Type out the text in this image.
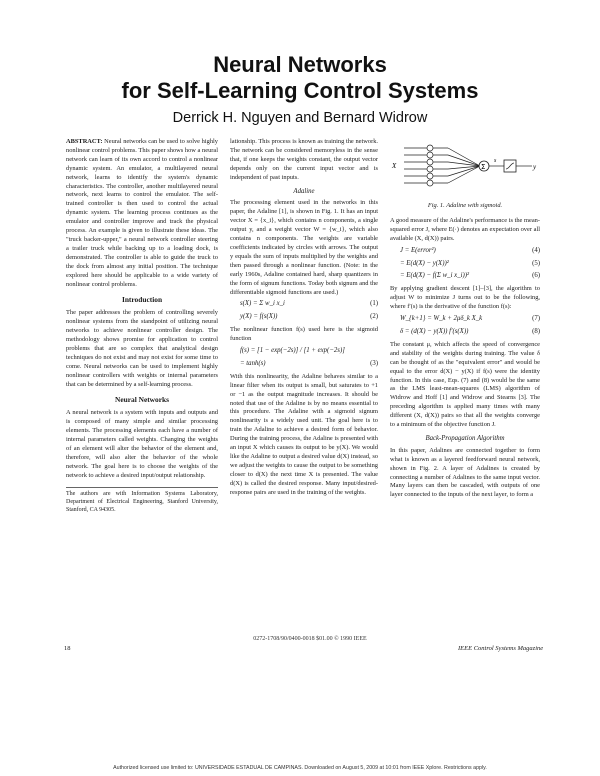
Neural Networks
for Self-Learning Control Systems
Derrick H. Nguyen and Bernard Widrow

ABSTRACT: Neural networks can be used to solve highly nonlinear control problems. This paper shows how a neural network can learn of its own accord to control a nonlinear dynamic system. An emulator, a multilayered neural network, learns to identify the system's dynamic characteristics. The controller, another multilayered neural network, next learns to control the emulator. The self-trained controller is then used to control the actual dynamic system. The learning process continues as the emulator and controller improve and track the physical process. An example is given to illustrate these ideas. The "truck backer-upper," a neural network controller steering a trailer truck while backing up to a loading dock, is demonstrated. The controller is able to guide the truck to the dock from almost any initial position. The technique explored here should be applicable to a wide variety of nonlinear control problems.

Introduction

The paper addresses the problem of controlling severely nonlinear systems from the standpoint of utilizing neural networks to achieve nonlinear controller design. The methodology shows promise for application to control problems that are so complex that analytical design techniques do not exist and may not exist for some time to come. Neural networks can be used to implement highly nonlinear controllers with weights or internal parameters that can be determined by a self-learning process.

Neural Networks

A neural network is a system with inputs and outputs and is composed of many simple and similar processing elements. The processing elements each have a number of internal parameters called weights. Changing the weights of an element will alter the behavior of the element and, therefore, will also alter the behavior of the whole network. The goal here is to choose the weights of the network to achieve a desired input/output relationship.

The authors are with Information Systems Laboratory, Department of Electrical Engineering, Stanford University, Stanford, CA 94305.

lationship. This process is known as training the network. The network can be considered memoryless in the sense that, if one keeps the weights constant, the output vector depends only on the current input vector and is independent of past inputs.

Adaline

The processing element used in the networks in this paper, the Adaline [1], is shown in Fig. 1. It has an input vector X = {x_i}, which contains n components, a single output y, and a weight vector W = {w_i}, which also contains n components. The weights are variable coefficients indicated by circles with arrows. The output y equals the sum of inputs multiplied by the weights and then passed through a nonlinear function. (Note: in the early 1960s, Adaline contained hard, sharp quantizers in the form of signum functions. Today both signum and the differentiable sigmoid functions are used.)

s(X) = Σ w_i x_i	(1)
y(X) = f(s(X))	(2)

The nonlinear function f(s) used here is the sigmoid function

f(s) = [1 − exp(−2s)] / [1 + exp(−2s)]
= tanh(s)	(3)

With this nonlinearity, the Adaline behaves similar to a linear filter when its output is small, but saturates to +1 or −1 as the output magnitude increases. It should be noted that use of the Adaline is by no means essential to this procedure. The Adaline with a sigmoid signum nonlinearity is a widely used unit. The goal here is to train the Adaline to achieve a desired form of behavior. During the training process, the Adaline is presented with an input X which causes its output to be y(X). We would like the Adaline to output a desired value d(X) instead, so we adjust the weights to cause the output to be something closer to d(X) the next time X is presented. The value d(X) is called the desired response. Many input/desired-response pairs are used in the training of the weights.

Σ
X
s
y
Fig. 1. Adaline with sigmoid.

A good measure of the Adaline's performance is the mean-squared error J, where E(·) denotes an expectation over all available (X, d(X)) pairs.

J = E(error²)	(4)
= E(d(X) − y(X))²	(5)
= E(d(X) − f(Σ w_i x_i))²	(6)

By applying gradient descent [1]–[3], the algorithm to adjust W to minimize J turns out to be the following, where f′(s) is the derivative of the function f(s):

W_{k+1} = W_k + 2μδ_k X_k	(7)
δ = (d(X) − y(X)) f′(s(X))	(8)

The constant μ, which affects the speed of convergence and stability of the weights during training. The value δ can be thought of as the "equivalent error" and would be equal to the error d(X) − y(X) if f(s) were the identity function. In this case, Eqs. (7) and (8) would be the same as the LMS least-mean-squares (LMS) algorithm of Widrow and Hoff [1] and Widrow and Stearns [3]. The preceding algorithm is applied many times with many different (X, d(X)) pairs so that all the weights converge to a minimum of the objective function J.

Back-Propagation Algorithm

In this paper, Adalines are connected together to form what is known as a layered feedforward neural network, shown in Fig. 2. A layer of Adalines is created by connecting a number of Adalines to the same input vector. Many layers can then be cascaded, with outputs of one layer connected to the inputs of the next layer, to form a

0272-1708/90/0400-0018 $01.00 © 1990 IEEE
18	IEEE Control Systems Magazine
Authorized licensed use limited to: UNIVERSIDADE ESTADUAL DE CAMPINAS. Downloaded on August 5, 2009 at 10:01 from IEEE Xplore. Restrictions apply.
